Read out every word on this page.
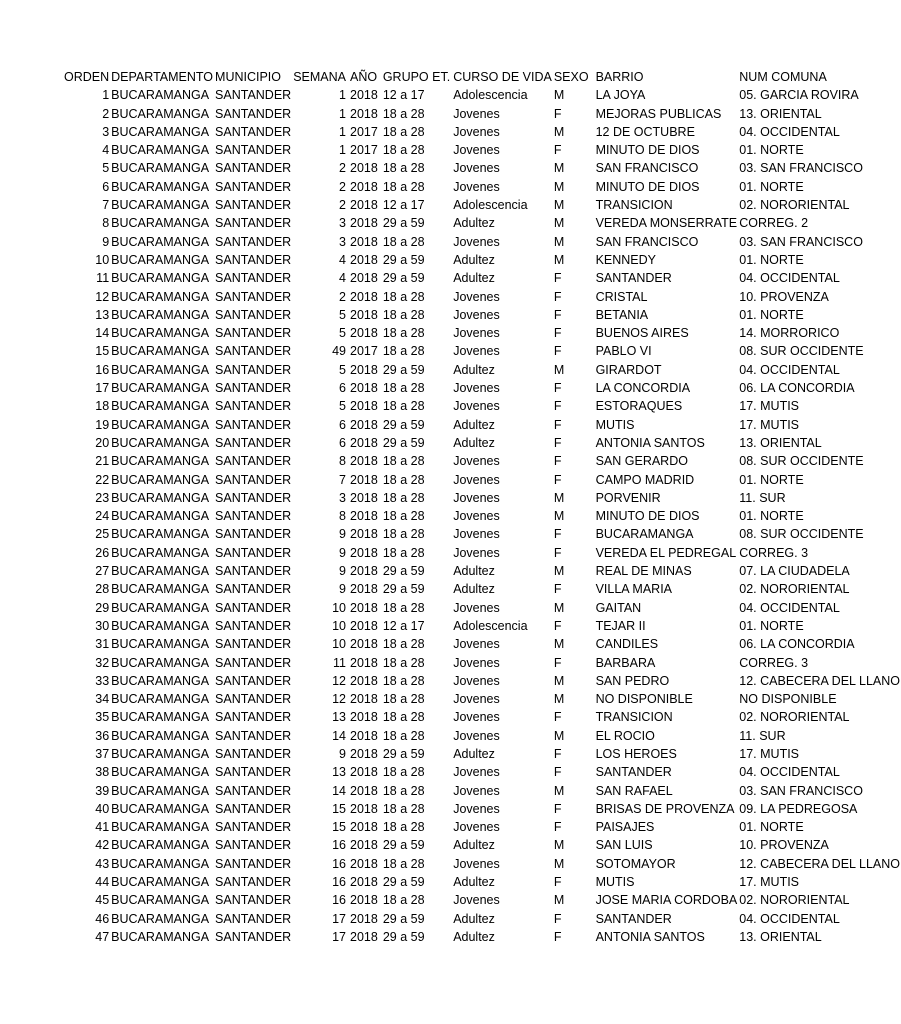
ORDEN	DEPARTAMENTO	MUNICIPIO	SEMANA	AÑO	GRUPO ET.	CURSO DE VIDA	SEXO	BARRIO	NUM COMUNA
1	BUCARAMANGA	SANTANDER	1	2018	12 a 17	Adolescencia	M	LA JOYA	05. GARCIA ROVIRA
2	BUCARAMANGA	SANTANDER	1	2018	18 a 28	Jovenes	F	MEJORAS PUBLICAS	13. ORIENTAL
3	BUCARAMANGA	SANTANDER	1	2017	18 a 28	Jovenes	M	12 DE OCTUBRE	04. OCCIDENTAL
4	BUCARAMANGA	SANTANDER	1	2017	18 a 28	Jovenes	F	MINUTO DE DIOS	01. NORTE
5	BUCARAMANGA	SANTANDER	2	2018	18 a 28	Jovenes	M	SAN FRANCISCO	03. SAN FRANCISCO
6	BUCARAMANGA	SANTANDER	2	2018	18 a 28	Jovenes	M	MINUTO DE DIOS	01. NORTE
7	BUCARAMANGA	SANTANDER	2	2018	12 a 17	Adolescencia	M	TRANSICION	02. NORORIENTAL
8	BUCARAMANGA	SANTANDER	3	2018	29 a 59	Adultez	M	VEREDA MONSERRATE	CORREG. 2
9	BUCARAMANGA	SANTANDER	3	2018	18 a 28	Jovenes	M	SAN FRANCISCO	03. SAN FRANCISCO
10	BUCARAMANGA	SANTANDER	4	2018	29 a 59	Adultez	M	KENNEDY	01. NORTE
11	BUCARAMANGA	SANTANDER	4	2018	29 a 59	Adultez	F	SANTANDER	04. OCCIDENTAL
12	BUCARAMANGA	SANTANDER	2	2018	18 a 28	Jovenes	F	CRISTAL	10. PROVENZA
13	BUCARAMANGA	SANTANDER	5	2018	18 a 28	Jovenes	F	BETANIA	01. NORTE
14	BUCARAMANGA	SANTANDER	5	2018	18 a 28	Jovenes	F	BUENOS AIRES	14. MORRORICO
15	BUCARAMANGA	SANTANDER	49	2017	18 a 28	Jovenes	F	PABLO VI	08. SUR OCCIDENTE
16	BUCARAMANGA	SANTANDER	5	2018	29 a 59	Adultez	M	GIRARDOT	04. OCCIDENTAL
17	BUCARAMANGA	SANTANDER	6	2018	18 a 28	Jovenes	F	LA CONCORDIA	06. LA CONCORDIA
18	BUCARAMANGA	SANTANDER	5	2018	18 a 28	Jovenes	F	ESTORAQUES	17. MUTIS
19	BUCARAMANGA	SANTANDER	6	2018	29 a 59	Adultez	F	MUTIS	17. MUTIS
20	BUCARAMANGA	SANTANDER	6	2018	29 a 59	Adultez	F	ANTONIA SANTOS	13. ORIENTAL
21	BUCARAMANGA	SANTANDER	8	2018	18 a 28	Jovenes	F	SAN GERARDO	08. SUR OCCIDENTE
22	BUCARAMANGA	SANTANDER	7	2018	18 a 28	Jovenes	F	CAMPO MADRID	01. NORTE
23	BUCARAMANGA	SANTANDER	3	2018	18 a 28	Jovenes	M	PORVENIR	11. SUR
24	BUCARAMANGA	SANTANDER	8	2018	18 a 28	Jovenes	M	MINUTO DE DIOS	01. NORTE
25	BUCARAMANGA	SANTANDER	9	2018	18 a 28	Jovenes	F	BUCARAMANGA	08. SUR OCCIDENTE
26	BUCARAMANGA	SANTANDER	9	2018	18 a 28	Jovenes	F	VEREDA EL PEDREGAL	CORREG. 3
27	BUCARAMANGA	SANTANDER	9	2018	29 a 59	Adultez	M	REAL DE MINAS	07. LA CIUDADELA
28	BUCARAMANGA	SANTANDER	9	2018	29 a 59	Adultez	F	VILLA MARIA	02. NORORIENTAL
29	BUCARAMANGA	SANTANDER	10	2018	18 a 28	Jovenes	M	GAITAN	04. OCCIDENTAL
30	BUCARAMANGA	SANTANDER	10	2018	12 a 17	Adolescencia	F	TEJAR II	01. NORTE
31	BUCARAMANGA	SANTANDER	10	2018	18 a 28	Jovenes	M	CANDILES	06. LA CONCORDIA
32	BUCARAMANGA	SANTANDER	11	2018	18 a 28	Jovenes	F	BARBARA	CORREG. 3
33	BUCARAMANGA	SANTANDER	12	2018	18 a 28	Jovenes	M	SAN PEDRO	12. CABECERA DEL LLANO
34	BUCARAMANGA	SANTANDER	12	2018	18 a 28	Jovenes	M	NO DISPONIBLE	NO DISPONIBLE
35	BUCARAMANGA	SANTANDER	13	2018	18 a 28	Jovenes	F	TRANSICION	02. NORORIENTAL
36	BUCARAMANGA	SANTANDER	14	2018	18 a 28	Jovenes	M	EL ROCIO	11. SUR
37	BUCARAMANGA	SANTANDER	9	2018	29 a 59	Adultez	F	LOS HEROES	17. MUTIS
38	BUCARAMANGA	SANTANDER	13	2018	18 a 28	Jovenes	F	SANTANDER	04. OCCIDENTAL
39	BUCARAMANGA	SANTANDER	14	2018	18 a 28	Jovenes	M	SAN RAFAEL	03. SAN FRANCISCO
40	BUCARAMANGA	SANTANDER	15	2018	18 a 28	Jovenes	F	BRISAS DE PROVENZA	09. LA PEDREGOSA
41	BUCARAMANGA	SANTANDER	15	2018	18 a 28	Jovenes	F	PAISAJES	01. NORTE
42	BUCARAMANGA	SANTANDER	16	2018	29 a 59	Adultez	M	SAN LUIS	10. PROVENZA
43	BUCARAMANGA	SANTANDER	16	2018	18 a 28	Jovenes	M	SOTOMAYOR	12. CABECERA DEL LLANO
44	BUCARAMANGA	SANTANDER	16	2018	29 a 59	Adultez	F	MUTIS	17. MUTIS
45	BUCARAMANGA	SANTANDER	16	2018	18 a 28	Jovenes	M	JOSE MARIA CORDOBA	02. NORORIENTAL
46	BUCARAMANGA	SANTANDER	17	2018	29 a 59	Adultez	F	SANTANDER	04. OCCIDENTAL
47	BUCARAMANGA	SANTANDER	17	2018	29 a 59	Adultez	F	ANTONIA SANTOS	13. ORIENTAL
